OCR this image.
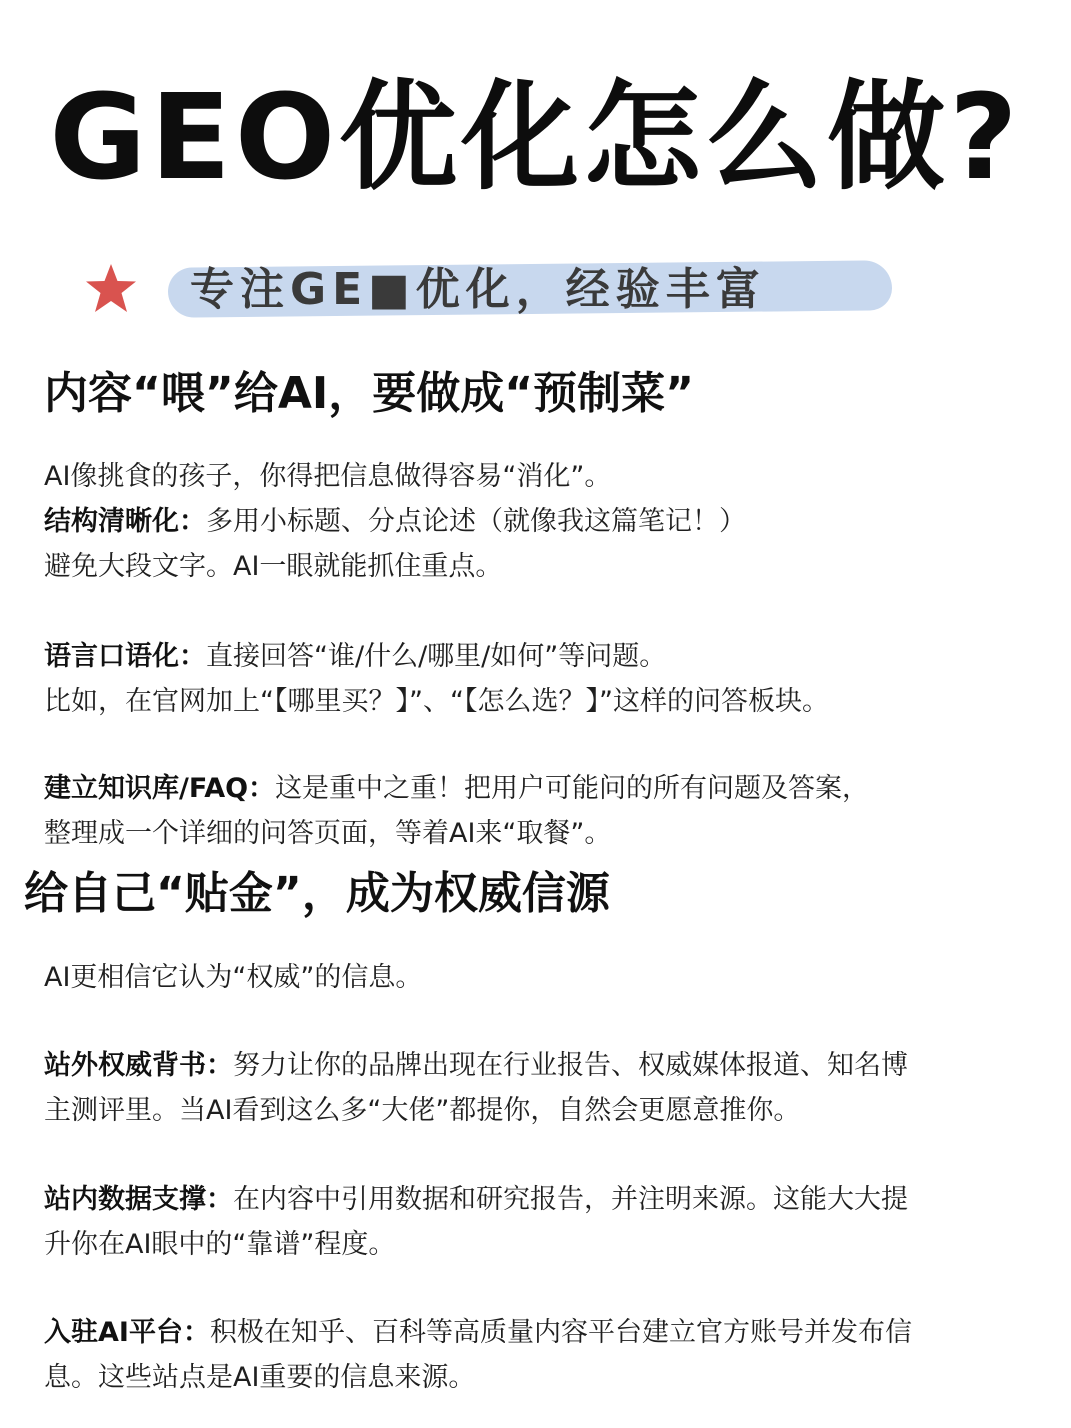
GEO优化怎么做?
专注GE■优化，经验丰富
内容“喂”给AI，要做成“预制菜”

AI像挑食的孩子，你得把信息做得容易“消化”。

结构清晰化：多用小标题、分点论述（就像我这篇笔记！）
避免大段文字。AI一眼就能抓住重点。

语言口语化：直接回答“谁/什么/哪里/如何”等问题。
比如，在官网加上“【哪里买？】”、“【怎么选？】”这样的问答板块。

建立知识库/FAQ：这是重中之重！把用户可能问的所有问题及答案，
整理成一个详细的问答页面，等着AI来“取餐”。

给自己“贴金”，成为权威信源

AI更相信它认为“权威”的信息。

站外权威背书：努力让你的品牌出现在行业报告、权威媒体报道、知名博
主测评里。当AI看到这么多“大佬”都提你，自然会更愿意推你。

站内数据支撑：在内容中引用数据和研究报告，并注明来源。这能大大提
升你在AI眼中的“靠谱”程度。

入驻AI平台：积极在知乎、百科等高质量内容平台建立官方账号并发布信
息。这些站点是AI重要的信息来源。
